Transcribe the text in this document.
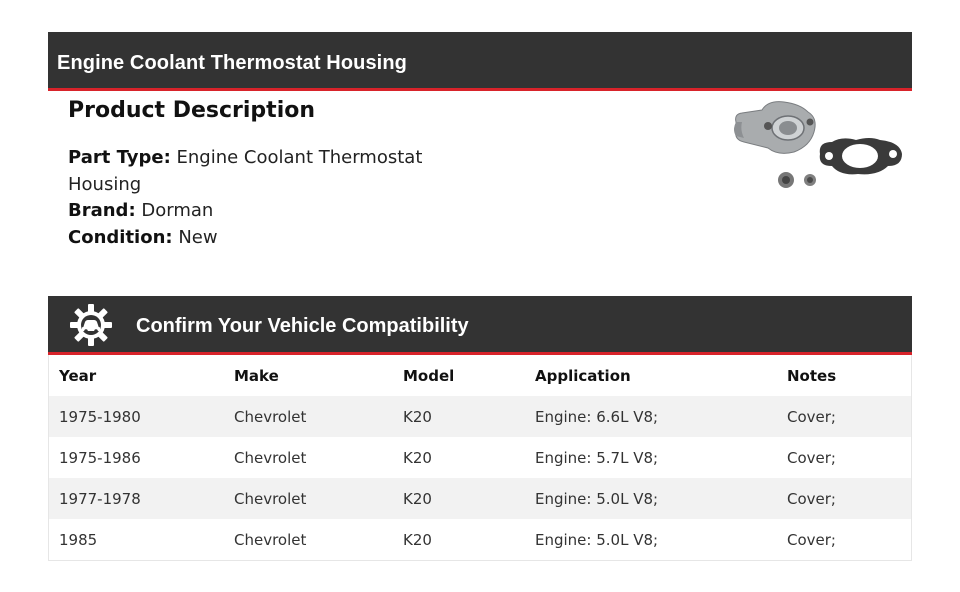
Engine Coolant Thermostat Housing
Product Description
Part Type: Engine Coolant Thermostat Housing
Brand: Dorman
Condition: New
Confirm Your Vehicle Compatibility
Year	Make	Model	Application	Notes
1975-1980	Chevrolet	K20	Engine: 6.6L V8;	Cover;
1975-1986	Chevrolet	K20	Engine: 5.7L V8;	Cover;
1977-1978	Chevrolet	K20	Engine: 5.0L V8;	Cover;
1985	Chevrolet	K20	Engine: 5.0L V8;	Cover;
